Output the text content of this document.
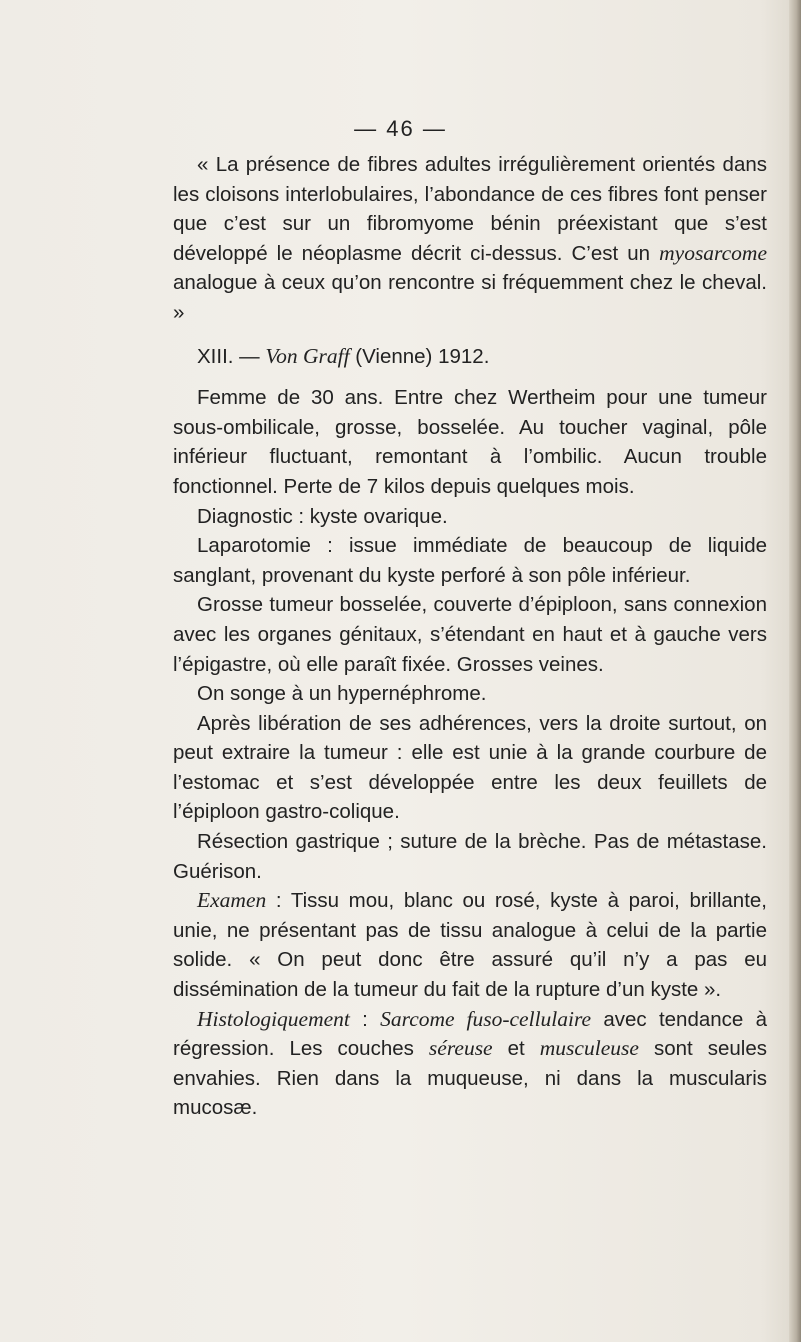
— 46 —

« La présence de fibres adultes irrégulièrement orientés dans les cloisons interlobulaires, l’abondance de ces fibres font penser que c’est sur un fibromyome bénin préexistant que s’est développé le néoplasme décrit ci-dessus. C’est un myosarcome analogue à ceux qu’on rencontre si fréquemment chez le cheval. »

XIII. — Von Graff (Vienne) 1912.

Femme de 30 ans. Entre chez Wertheim pour une tumeur sous-ombilicale, grosse, bosselée. Au toucher vaginal, pôle inférieur fluctuant, remontant à l’ombilic. Aucun trouble fonctionnel. Perte de 7 kilos depuis quelques mois.

Diagnostic : kyste ovarique.

Laparotomie : issue immédiate de beaucoup de liquide sanglant, provenant du kyste perforé à son pôle inférieur.

Grosse tumeur bosselée, couverte d’épiploon, sans connexion avec les organes génitaux, s’étendant en haut et à gauche vers l’épigastre, où elle paraît fixée. Grosses veines.

On songe à un hypernéphrome.

Après libération de ses adhérences, vers la droite surtout, on peut extraire la tumeur : elle est unie à la grande courbure de l’estomac et s’est développée entre les deux feuillets de l’épiploon gastro-colique.

Résection gastrique ; suture de la brèche. Pas de métastase. Guérison.

Examen : Tissu mou, blanc ou rosé, kyste à paroi, brillante, unie, ne présentant pas de tissu analogue à celui de la partie solide. « On peut donc être assuré qu’il n’y a pas eu dissémination de la tumeur du fait de la rupture d’un kyste ».

Histologiquement : Sarcome fuso-cellulaire avec tendance à régression. Les couches séreuse et musculeuse sont seules envahies. Rien dans la muqueuse, ni dans la muscularis mucosæ.
